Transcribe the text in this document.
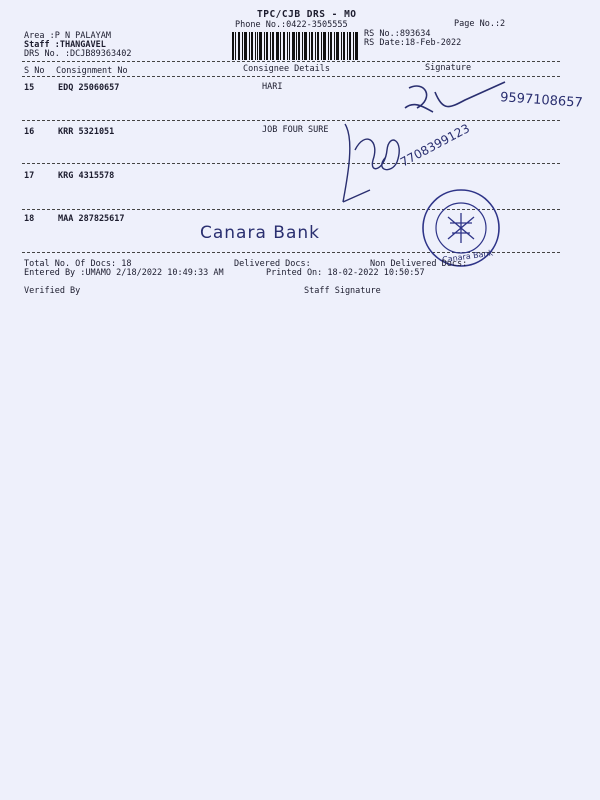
TPC/CJB DRS - MO
Phone No.:0422-3505555	Page No.:2
Area :P N PALAYAM
Staff :THANGAVEL
DRS No. :DCJB89363402
RS No.:893634
RS Date:18-Feb-2022
S No Consignment No	Consignee Details	Signature
15	EDQ 25060657	HARI
16	KRR 5321051	JOB FOUR SURE
17	KRG 4315578
18	MAA 287825617
9597108657
7708399123
Canara Bank
Canara Bank
Total No. Of Docs: 18	Delivered Docs:	Non Delivered Docs:
Entered By :UMAMO 2/18/2022 10:49:33 AM	Printed On: 18-02-2022 10:50:57
Verified By	Staff Signature
